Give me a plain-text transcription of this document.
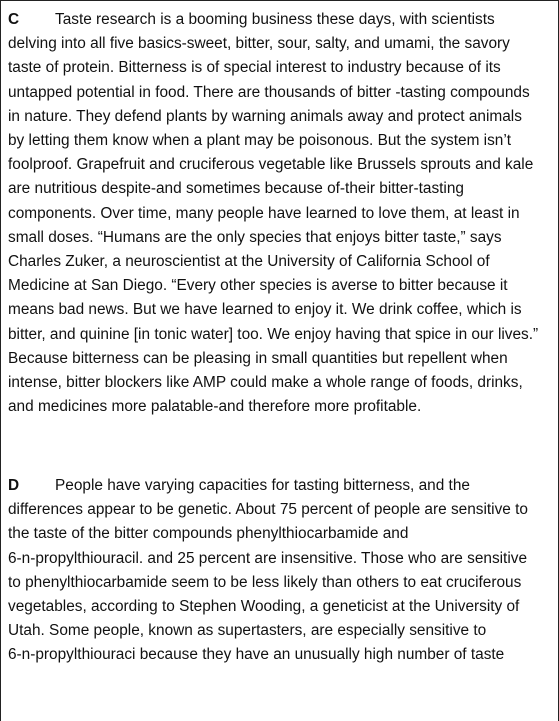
C Taste research is a booming business these days, with scientists
delving into all five basics-sweet, bitter, sour, salty, and umami, the savory
taste of protein. Bitterness is of special interest to industry because of its
untapped potential in food. There are thousands of bitter -tasting compounds
in nature. They defend plants by warning animals away and protect animals
by letting them know when a plant may be poisonous. But the system isn’t
foolproof. Grapefruit and cruciferous vegetable like Brussels sprouts and kale
are nutritious despite-and sometimes because of-their bitter-tasting
components. Over time, many people have learned to love them, at least in
small doses. “Humans are the only species that enjoys bitter taste,” says
Charles Zuker, a neuroscientist at the University of California School of
Medicine at San Diego. “Every other species is averse to bitter because it
means bad news. But we have learned to enjoy it. We drink coffee, which is
bitter, and quinine [in tonic water] too. We enjoy having that spice in our lives.”
Because bitterness can be pleasing in small quantities but repellent when
intense, bitter blockers like AMP could make a whole range of foods, drinks,
and medicines more palatable-and therefore more profitable.
D People have varying capacities for tasting bitterness, and the
differences appear to be genetic. About 75 percent of people are sensitive to
the taste of the bitter compounds phenylthiocarbamide and
6-n-propylthiouracil. and 25 percent are insensitive. Those who are sensitive
to phenylthiocarbamide seem to be less likely than others to eat cruciferous
vegetables, according to Stephen Wooding, a geneticist at the University of
Utah. Some people, known as supertasters, are especially sensitive to
6-n-propylthiouraci because they have an unusually high number of taste
